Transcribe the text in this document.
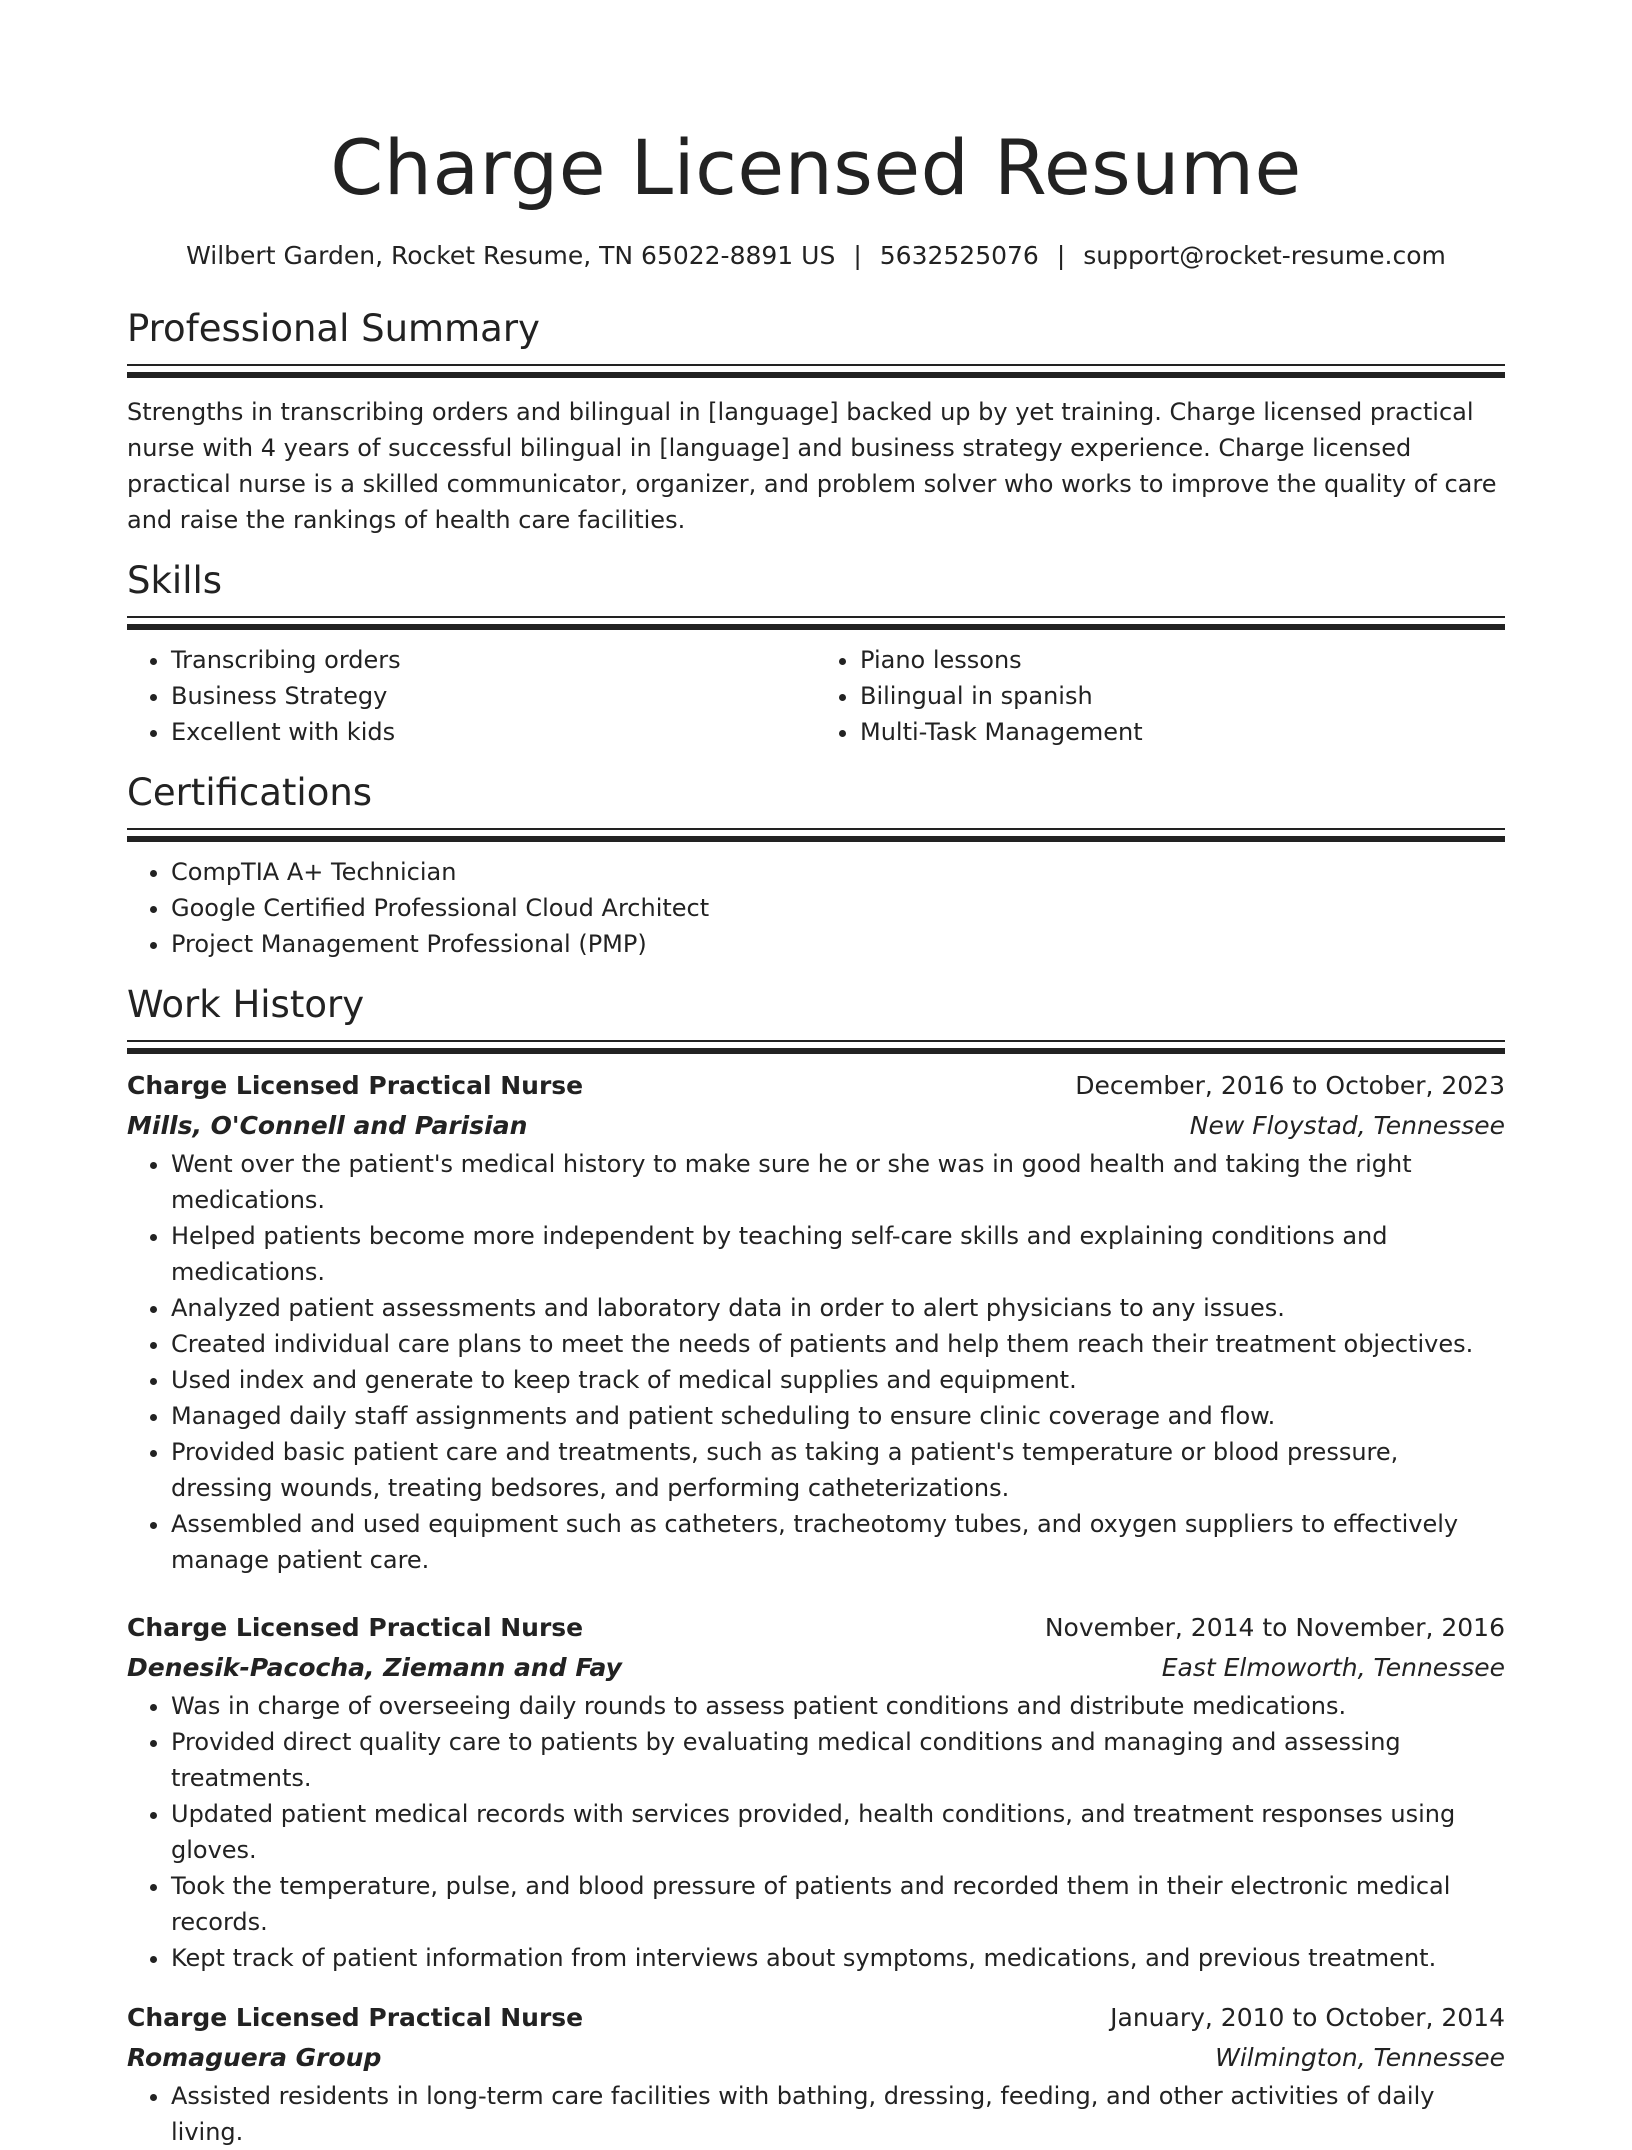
Charge Licensed Resume
Wilbert Garden, Rocket Resume, TN 65022-8891 US | 5632525076 | support@rocket-resume.com
Professional Summary

Strengths in transcribing orders and bilingual in [language] backed up by yet training. Charge licensed practical nurse with 4 years of successful bilingual in [language] and business strategy experience. Charge licensed practical nurse is a skilled communicator, organizer, and problem solver who works to improve the quality of care and raise the rankings of health care facilities.

Skills
• Transcribing orders
• Business Strategy
• Excellent with kids
• Piano lessons
• Bilingual in spanish
• Multi-Task Management
Certifications
• CompTIA A+ Technician
• Google Certified Professional Cloud Architect
• Project Management Professional (PMP)
Work History
Charge Licensed Practical Nurse	December, 2016 to October, 2023
Mills, O'Connell and Parisian	New Floystad, Tennessee
• Went over the patient's medical history to make sure he or she was in good health and taking the right medications.
• Helped patients become more independent by teaching self-care skills and explaining conditions and medications.
• Analyzed patient assessments and laboratory data in order to alert physicians to any issues.
• Created individual care plans to meet the needs of patients and help them reach their treatment objectives.
• Used index and generate to keep track of medical supplies and equipment.
• Managed daily staff assignments and patient scheduling to ensure clinic coverage and flow.
• Provided basic patient care and treatments, such as taking a patient's temperature or blood pressure, dressing wounds, treating bedsores, and performing catheterizations.
• Assembled and used equipment such as catheters, tracheotomy tubes, and oxygen suppliers to effectively manage patient care.
Charge Licensed Practical Nurse	November, 2014 to November, 2016
Denesik-Pacocha, Ziemann and Fay	East Elmoworth, Tennessee
• Was in charge of overseeing daily rounds to assess patient conditions and distribute medications.
• Provided direct quality care to patients by evaluating medical conditions and managing and assessing treatments.
• Updated patient medical records with services provided, health conditions, and treatment responses using gloves.
• Took the temperature, pulse, and blood pressure of patients and recorded them in their electronic medical records.
• Kept track of patient information from interviews about symptoms, medications, and previous treatment.
Charge Licensed Practical Nurse	January, 2010 to October, 2014
Romaguera Group	Wilmington, Tennessee
• Assisted residents in long-term care facilities with bathing, dressing, feeding, and other activities of daily living.
